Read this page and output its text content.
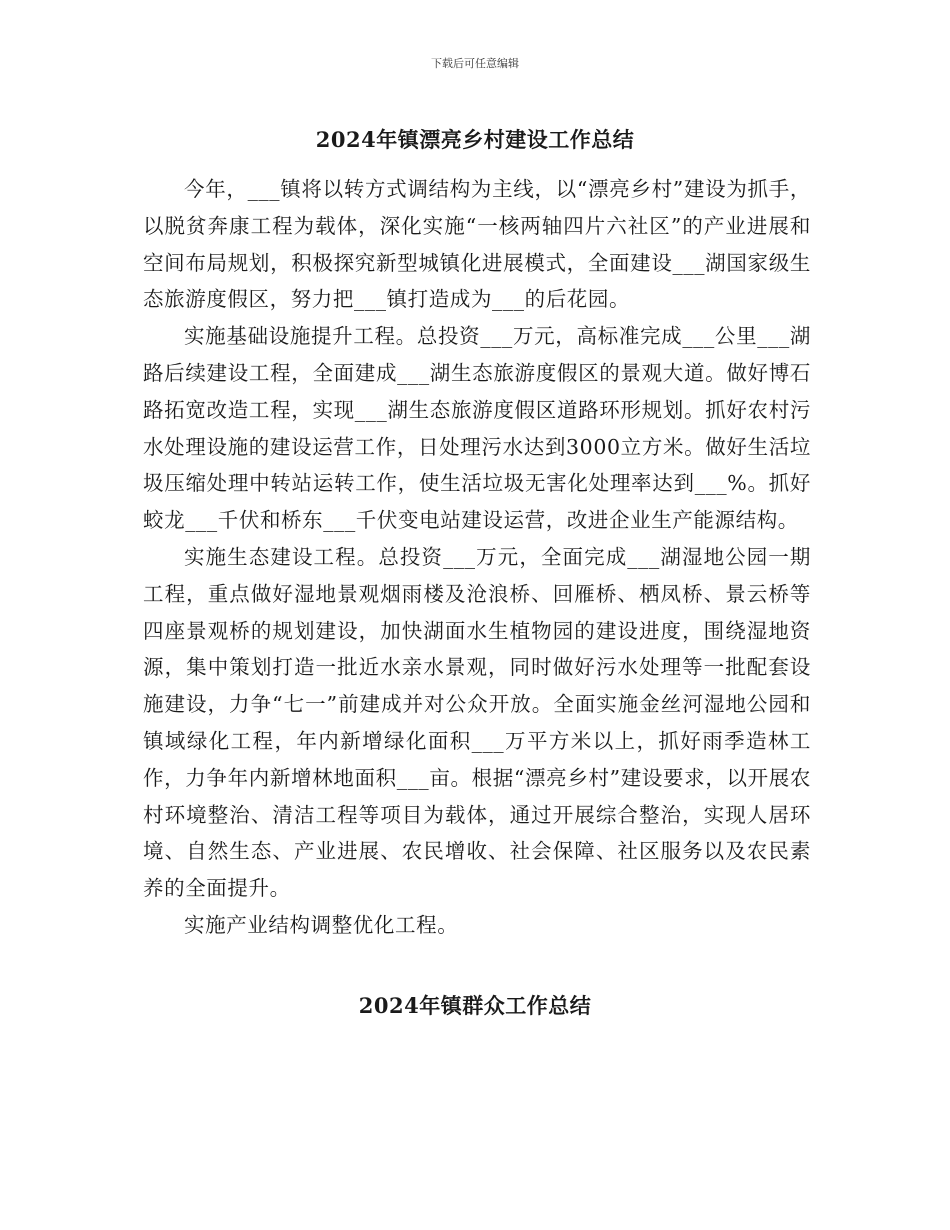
下载后可任意编辑
2024年镇漂亮乡村建设工作总结

今年，___镇将以转方式调结构为主线，以“漂亮乡村”建设为抓手，以脱贫奔康工程为载体，深化实施“一核两轴四片六社区”的产业进展和空间布局规划，积极探究新型城镇化进展模式，全面建设___湖国家级生态旅游度假区，努力把___镇打造成为___的后花园。

实施基础设施提升工程。总投资___万元，高标准完成___公里___湖路后续建设工程，全面建成___湖生态旅游度假区的景观大道。做好博石路拓宽改造工程，实现___湖生态旅游度假区道路环形规划。抓好农村污水处理设施的建设运营工作，日处理污水达到3000立方米。做好生活垃圾压缩处理中转站运转工作，使生活垃圾无害化处理率达到___%。抓好蛟龙___千伏和桥东___千伏变电站建设运营，改进企业生产能源结构。

实施生态建设工程。总投资___万元，全面完成___湖湿地公园一期工程，重点做好湿地景观烟雨楼及沧浪桥、回雁桥、栖凤桥、景云桥等四座景观桥的规划建设，加快湖面水生植物园的建设进度，围绕湿地资源，集中策划打造一批近水亲水景观，同时做好污水处理等一批配套设施建设，力争“七一”前建成并对公众开放。全面实施金丝河湿地公园和镇域绿化工程，年内新增绿化面积___万平方米以上，抓好雨季造林工作，力争年内新增林地面积___亩。根据“漂亮乡村”建设要求，以开展农村环境整治、清洁工程等项目为载体，通过开展综合整治，实现人居环境、自然生态、产业进展、农民增收、社会保障、社区服务以及农民素养的全面提升。

实施产业结构调整优化工程。

2024年镇群众工作总结
